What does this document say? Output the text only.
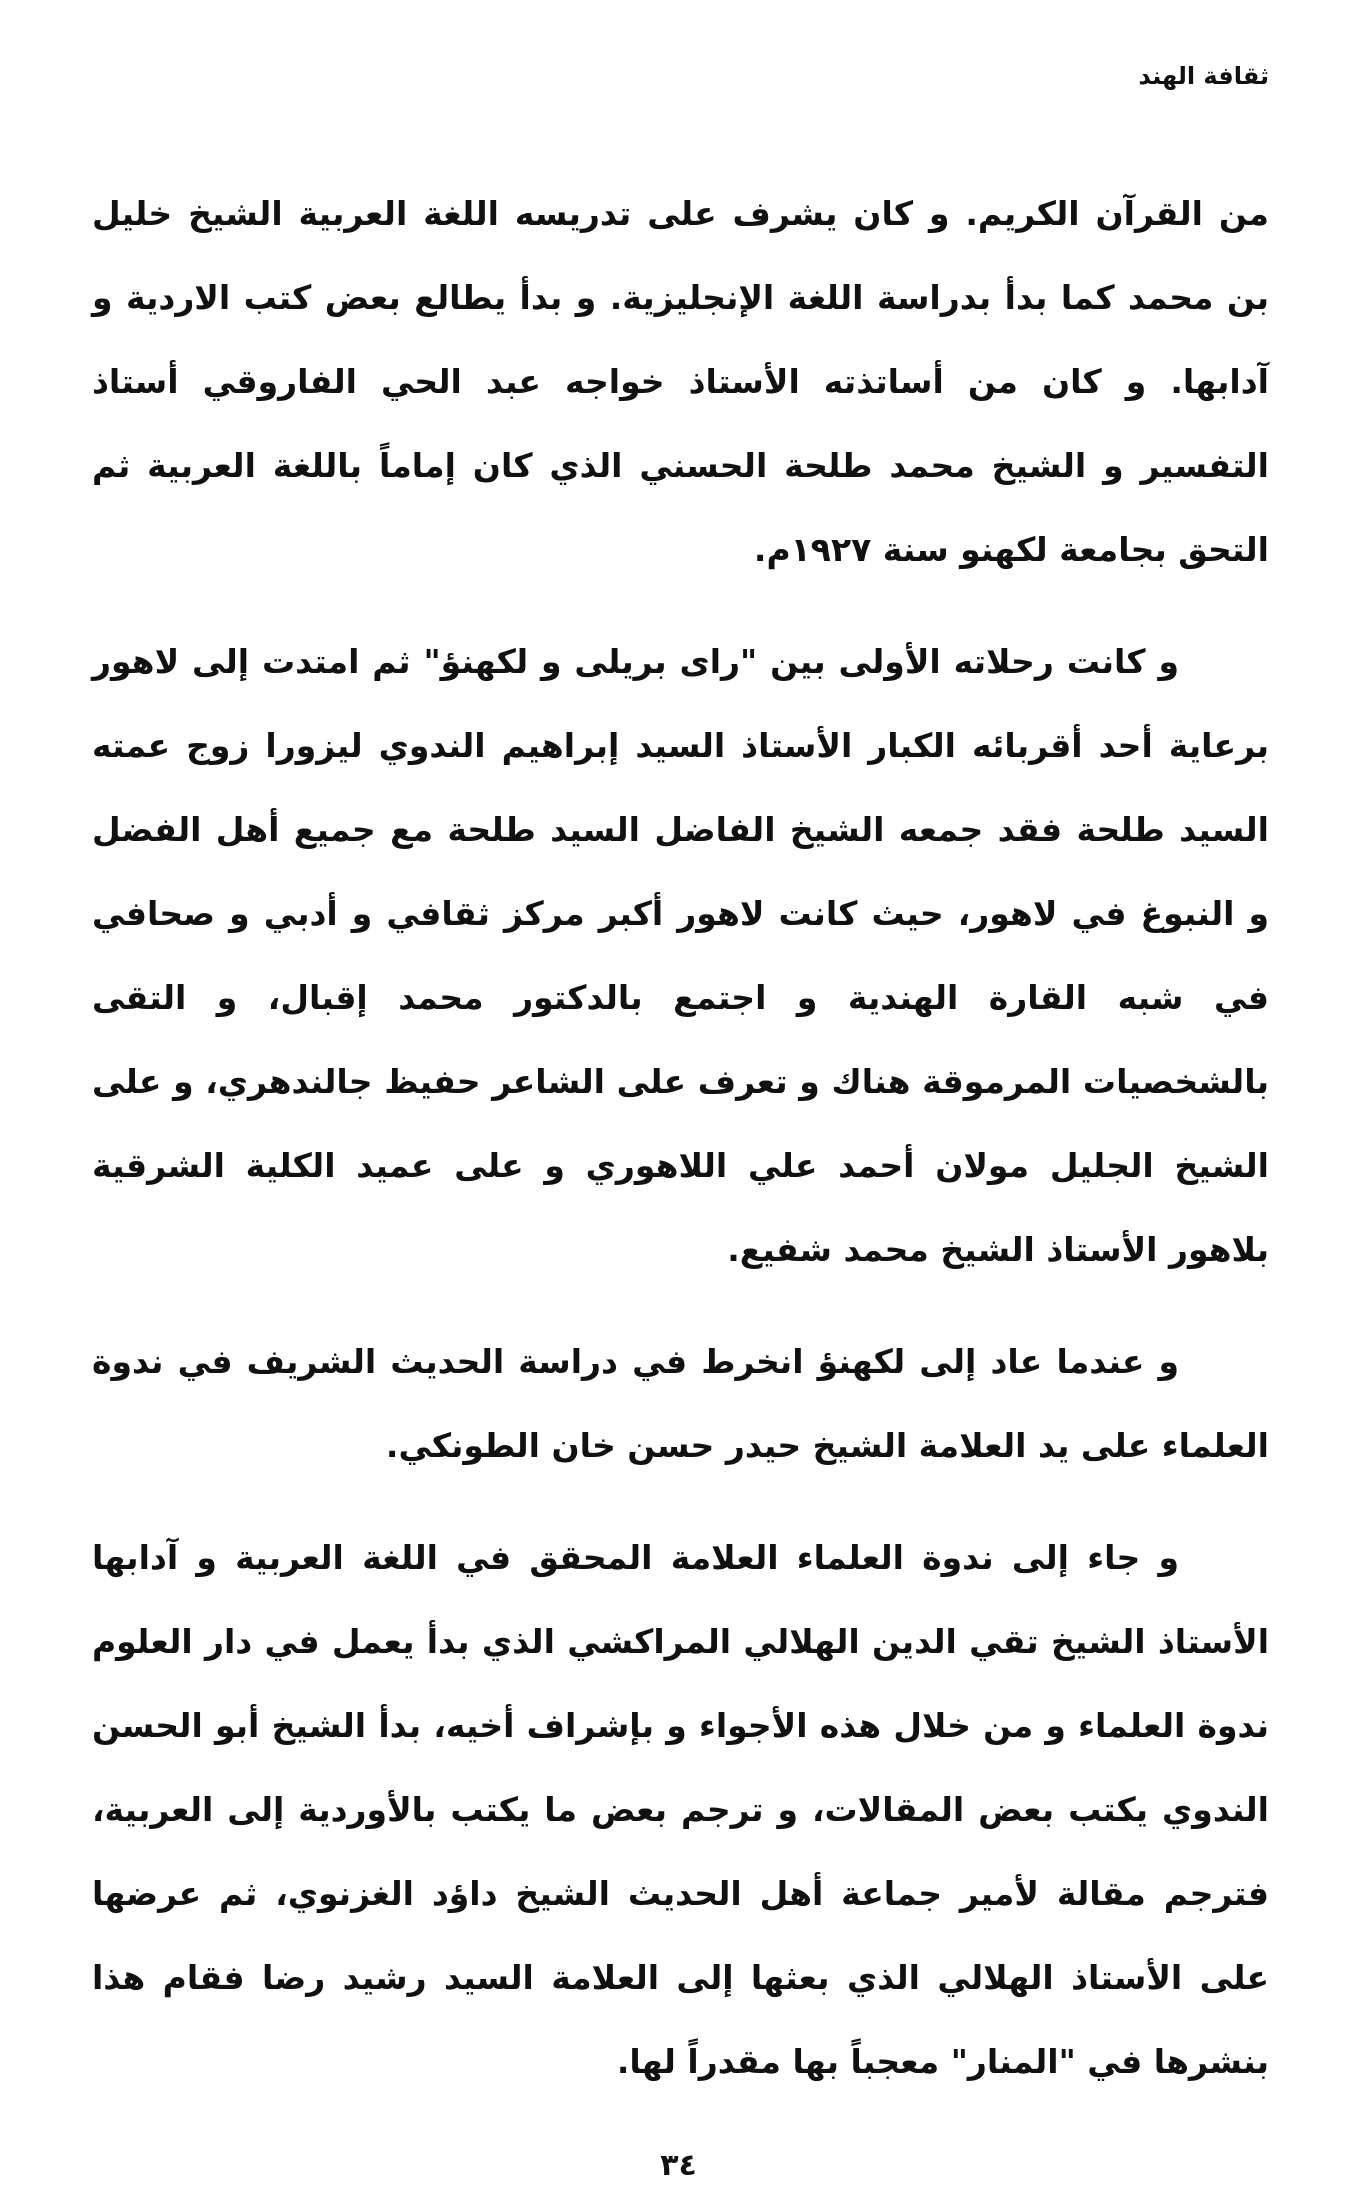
ثقافة الهند

من القرآن الكريم. و كان يشرف على تدريسه اللغة العربية الشيخ خليل بن محمد كما بدأ بدراسة اللغة الإنجليزية. و بدأ يطالع بعض كتب الاردية و آدابها. و كان من أساتذته الأستاذ خواجه عبد الحي الفاروقي أستاذ التفسير و الشيخ محمد طلحة الحسني الذي كان إماماً باللغة العربية ثم التحق بجامعة لكهنو سنة ١٩٢٧م.

و كانت رحلاته الأولى بين "راى بريلى و لكهنؤ" ثم امتدت إلى لاهور برعاية أحد أقربائه الكبار الأستاذ السيد إبراهيم الندوي ليزورا زوج عمته السيد طلحة فقد جمعه الشيخ الفاضل السيد طلحة مع جميع أهل الفضل و النبوغ في لاهور، حيث كانت لاهور أكبر مركز ثقافي و أدبي و صحافي في شبه القارة الهندية و اجتمع بالدكتور محمد إقبال، و التقى بالشخصيات المرموقة هناك و تعرف على الشاعر حفيظ جالندهري، و على الشيخ الجليل مولان أحمد علي اللاهوري و على عميد الكلية الشرقية بلاهور الأستاذ الشيخ محمد شفيع.

و عندما عاد إلى لكهنؤ انخرط في دراسة الحديث الشريف في ندوة العلماء على يد العلامة الشيخ حيدر حسن خان الطونكي.

و جاء إلى ندوة العلماء العلامة المحقق في اللغة العربية و آدابها الأستاذ الشيخ تقي الدين الهلالي المراكشي الذي بدأ يعمل في دار العلوم ندوة العلماء و من خلال هذه الأجواء و بإشراف أخيه، بدأ الشيخ أبو الحسن الندوي يكتب بعض المقالات، و ترجم بعض ما يكتب بالأوردية إلى العربية، فترجم مقالة لأمير جماعة أهل الحديث الشيخ داؤد الغزنوي، ثم عرضها على الأستاذ الهلالي الذي بعثها إلى العلامة السيد رشيد رضا فقام هذا بنشرها في "المنار" معجباً بها مقدراً لها.

٣٤
